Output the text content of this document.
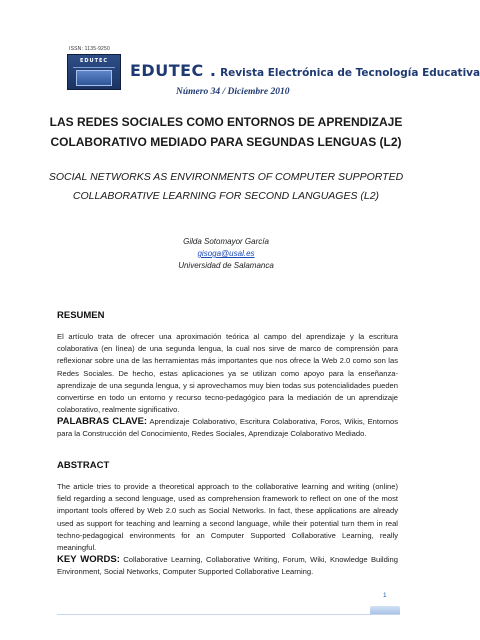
ISSN: 1135-9250
EDUTEC	EDUTEC . Revista Electrónica de Tecnología Educativa
Número 34 / Diciembre 2010
LAS REDES SOCIALES COMO ENTORNOS DE APRENDIZAJE COLABORATIVO MEDIADO PARA SEGUNDAS LENGUAS (L2)
SOCIAL NETWORKS AS ENVIRONMENTS OF COMPUTER SUPPORTED COLLABORATIVE LEARNING FOR SECOND LANGUAGES (L2)
Gilda Sotomayor García
gisoga@usal.es
Universidad de Salamanca
RESUMEN
El artículo trata de ofrecer una aproximación teórica al campo del aprendizaje y la escritura colaborativa (en línea) de una segunda lengua, la cual nos sirve de marco de comprensión para reflexionar sobre una de las herramientas más importantes que nos ofrece la Web 2.0 como son las Redes Sociales. De hecho, estas aplicaciones ya se utilizan como apoyo para la enseñanza-aprendizaje de una segunda lengua, y si aprovechamos muy bien todas sus potencialidades pueden convertirse en todo un entorno y recurso tecno-pedagógico para la mediación de un aprendizaje colaborativo, realmente significativo.
PALABRAS CLAVE: Aprendizaje Colaborativo, Escritura Colaborativa, Foros, Wikis, Entornos para la Construcción del Conocimiento, Redes Sociales, Aprendizaje Colaborativo Mediado.
ABSTRACT
The article tries to provide a theoretical approach to the collaborative learning and writing (online) field regarding a second lenguage, used as comprehension framework to reflect on one of the most important tools offered by Web 2.0 such as Social Networks. In fact, these applications are already used as support for teaching and learning a second language, while their potential turn them in real techno-pedagogical environments for an Computer Supported Collaborative Learning, really meaningful.
KEY WORDS: Collaborative Learning, Collaborative Writing, Forum, Wiki, Knowledge Building Environment, Social Networks, Computer Supported Collaborative Learning.
1
